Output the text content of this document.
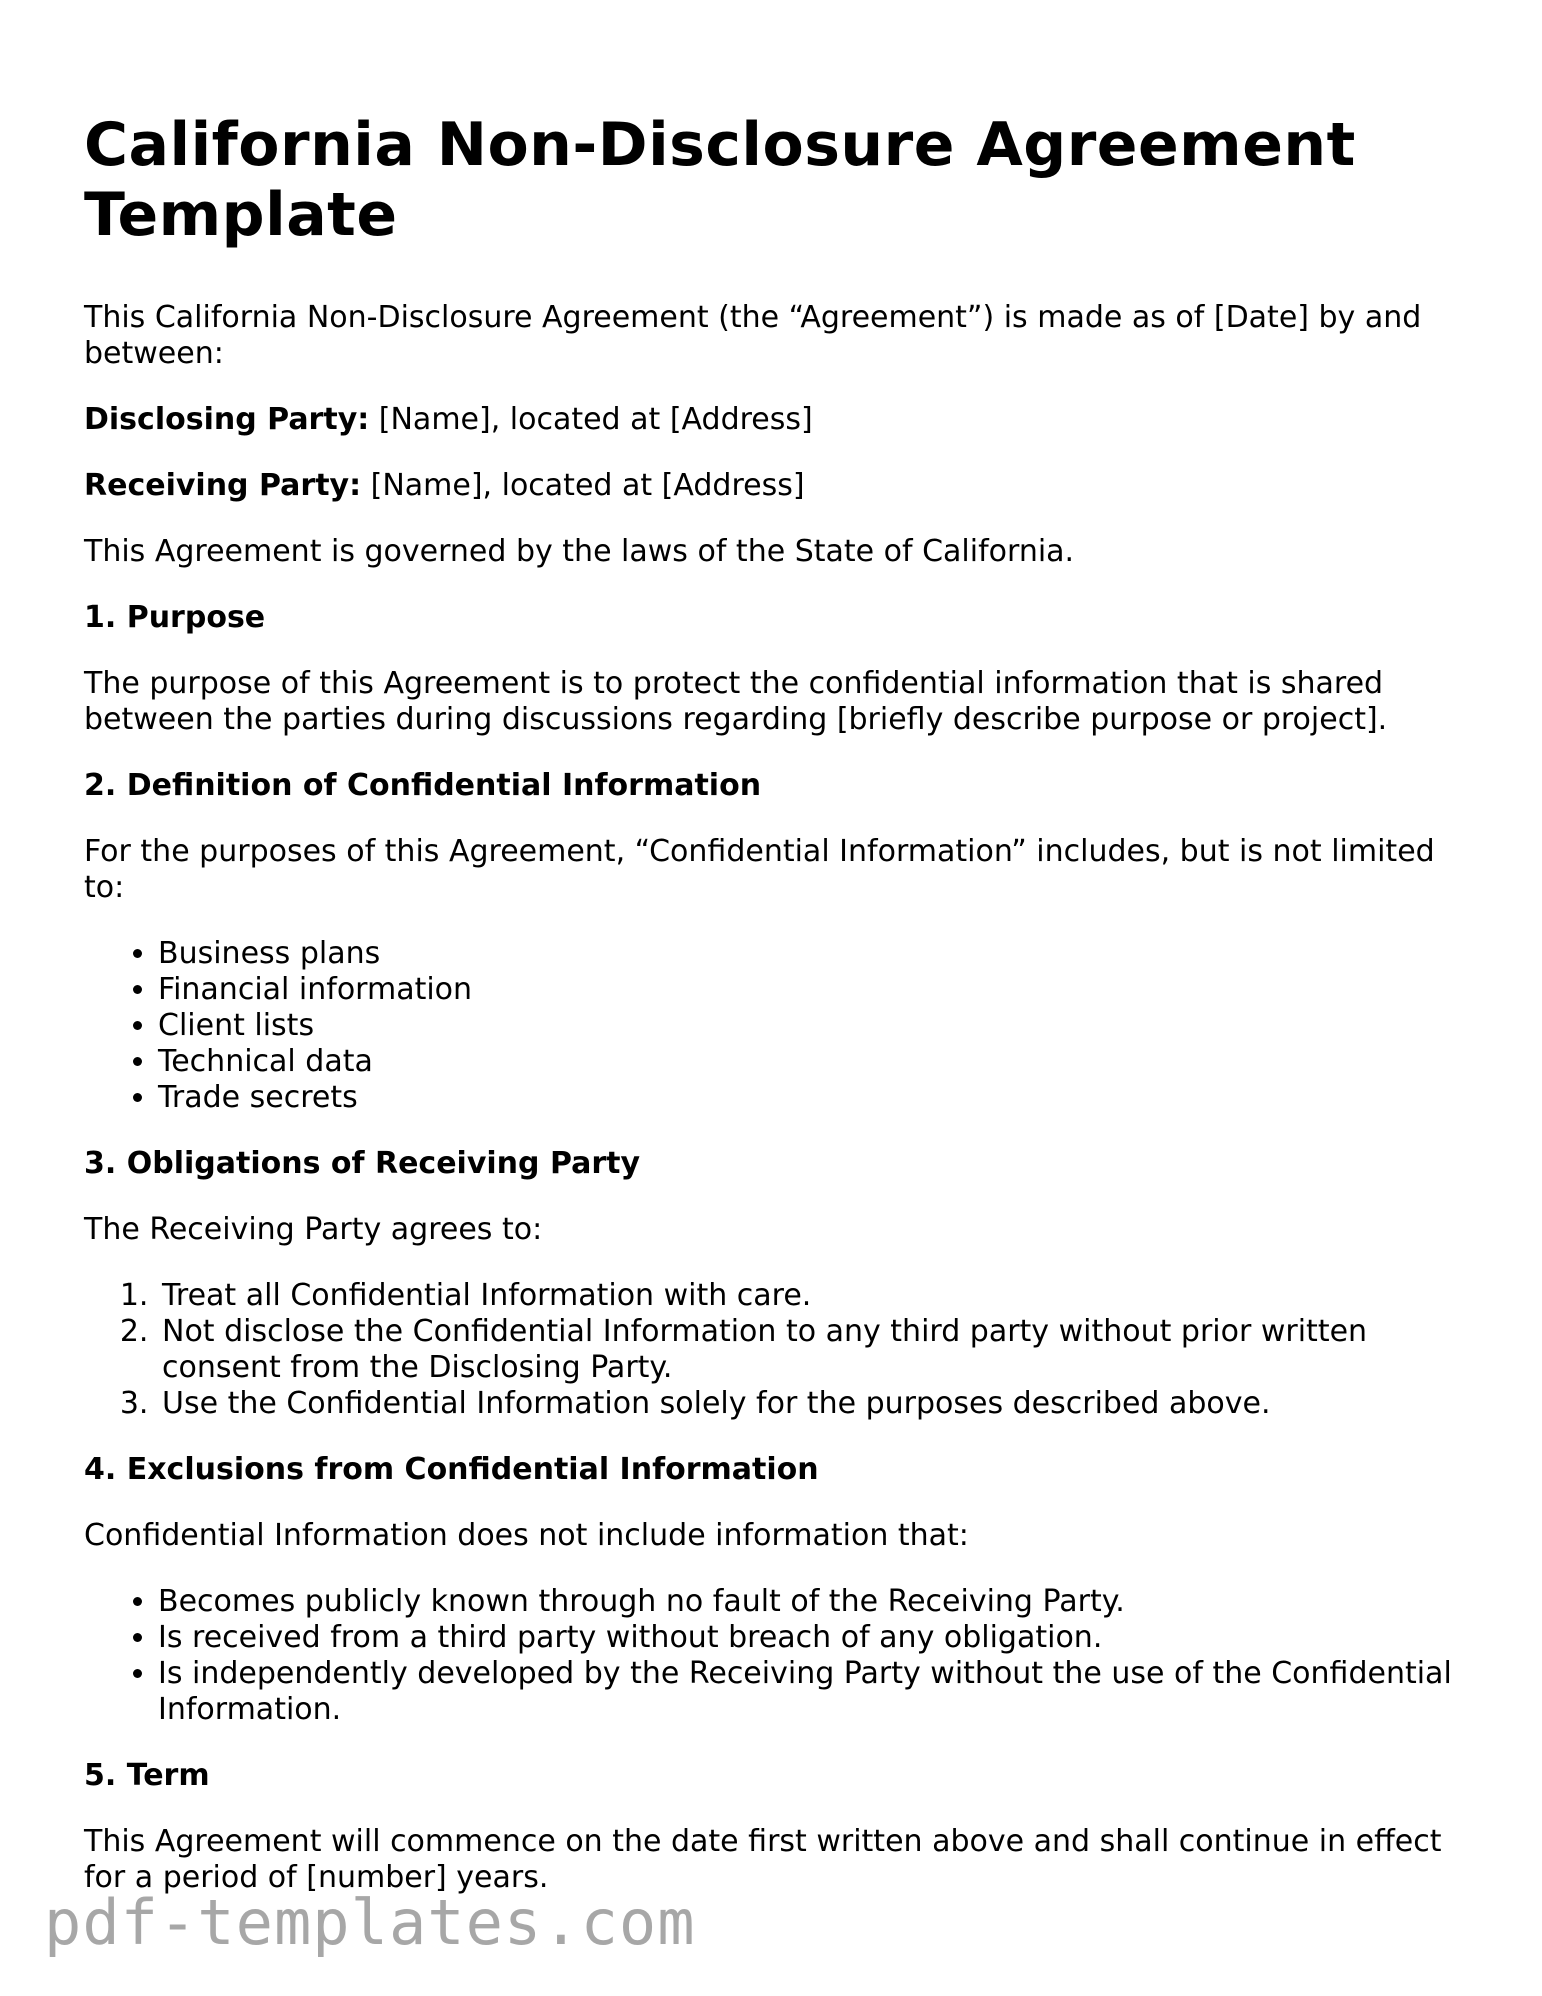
California Non-Disclosure Agreement Template

This California Non-Disclosure Agreement (the “Agreement”) is made as of [Date] by and between:

Disclosing Party: [Name], located at [Address]

Receiving Party: [Name], located at [Address]

This Agreement is governed by the laws of the State of California.

1. Purpose

The purpose of this Agreement is to protect the confidential information that is shared between the parties during discussions regarding [briefly describe purpose or project].

2. Definition of Confidential Information

For the purposes of this Agreement, “Confidential Information” includes, but is not limited to:

• Business plans
• Financial information
• Client lists
• Technical data
• Trade secrets
3. Obligations of Receiving Party

The Receiving Party agrees to:

1. Treat all Confidential Information with care.
2. Not disclose the Confidential Information to any third party without prior written consent from the Disclosing Party.
3. Use the Confidential Information solely for the purposes described above.
4. Exclusions from Confidential Information

Confidential Information does not include information that:

• Becomes publicly known through no fault of the Receiving Party.
• Is received from a third party without breach of any obligation.
• Is independently developed by the Receiving Party without the use of the Confidential Information.
5. Term

This Agreement will commence on the date first written above and shall continue in effect for a period of [number] years.

pdf-templates.com
